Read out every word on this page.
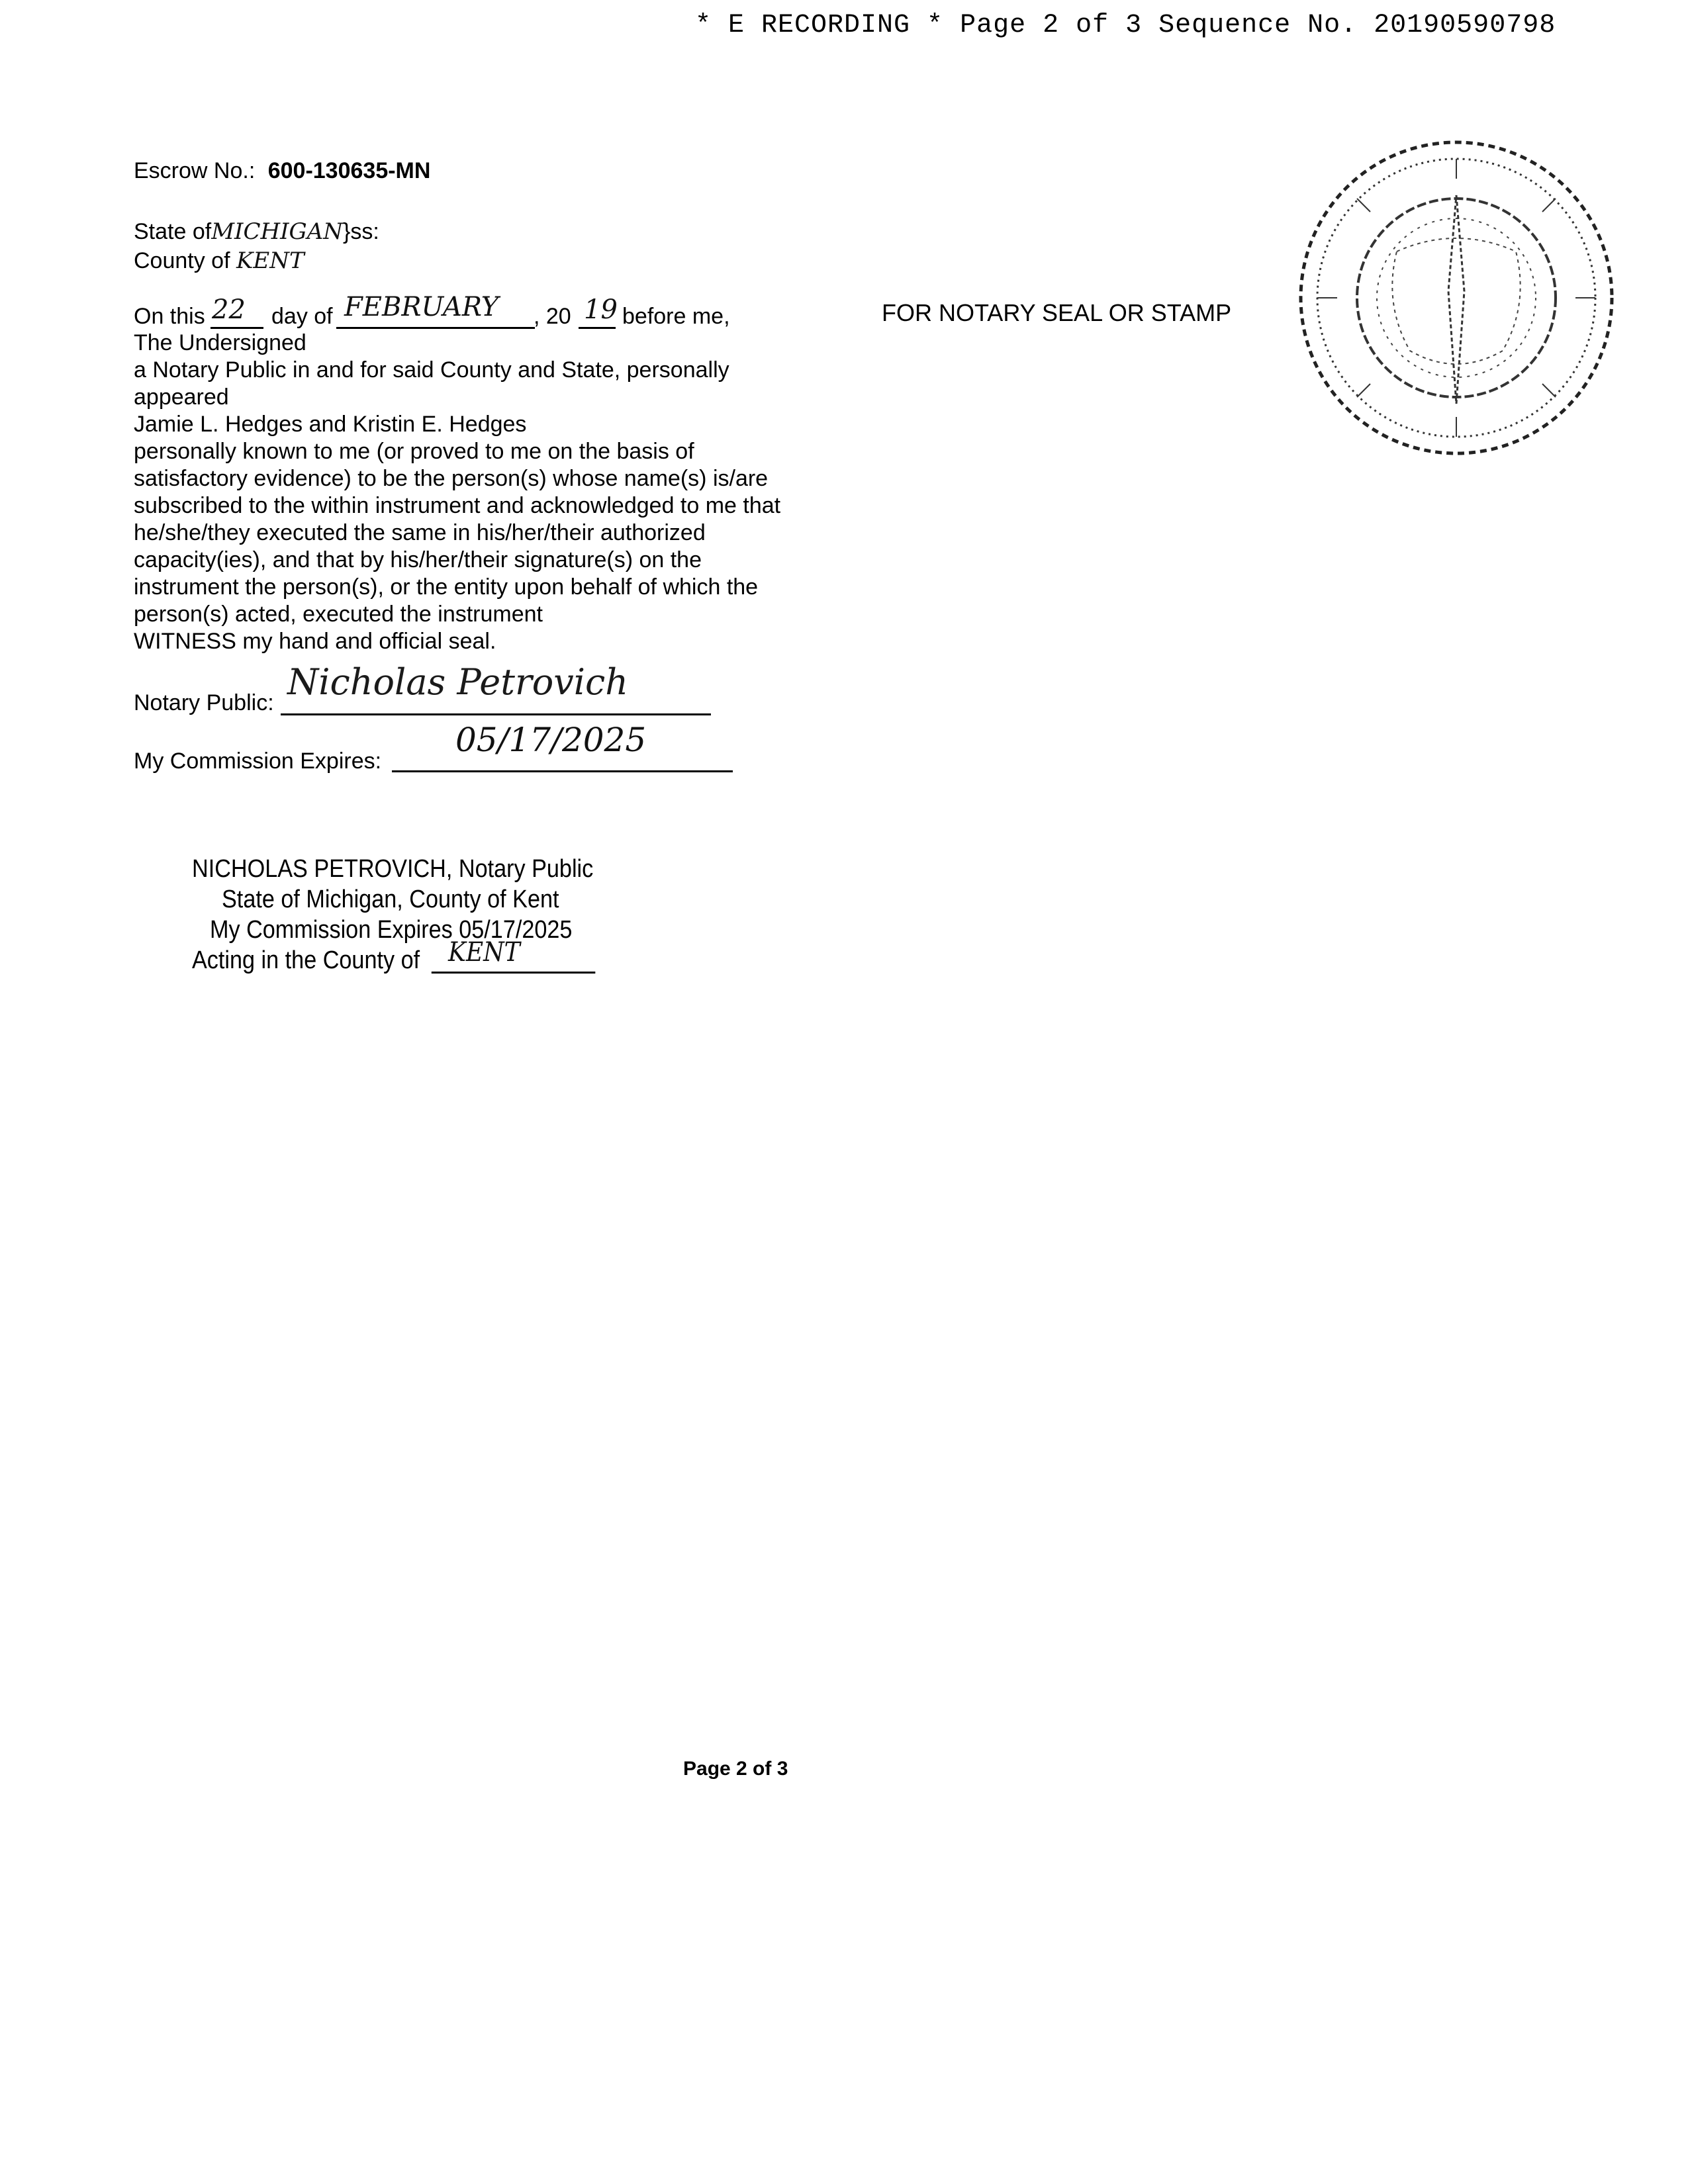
* E RECORDING * Page 2 of 3 Sequence No. 20190590798
Escrow No.: 600-130635-MN
State ofMICHIGAN}ss:
County of KENT
On this 22 day of FEBRUARY , 20 19 before me,
The Undersigned
a Notary Public in and for said County and State, personally
appeared
Jamie L. Hedges and Kristin E. Hedges
personally known to me (or proved to me on the basis of
satisfactory evidence) to be the person(s) whose name(s) is/are
subscribed to the within instrument and acknowledged to me that
he/she/they executed the same in his/her/their authorized
capacity(ies), and that by his/her/their signature(s) on the
instrument the person(s), or the entity upon behalf of which the
person(s) acted, executed the instrument
WITNESS my hand and official seal.
FOR NOTARY SEAL OR STAMP
Notary Public: Nicholas Petrovich
My Commission Expires:
05/17/2025
NICHOLAS PETROVICH, Notary Public
State of Michigan, County of Kent
My Commission Expires 05/17/2025
Acting in the County of KENT
Page 2 of 3
